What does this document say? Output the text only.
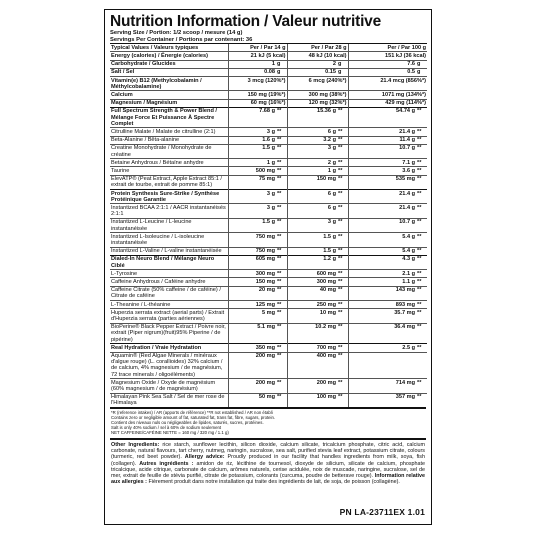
Nutrition Information / Valeur nutritive
Serving Size / Portion: 1/2 scoop / mesure (14 g)
Servings Per Container / Portions par contenant: 36
Typical Values / Valeurs typiques	Per / Par 14 g		Per / Par 28 g		Per / Par 100 g	
Energy (calories) / Énergie (calories)	21 kJ (5 kcal)		48 kJ (10 kcal)		151 kJ (36 kcal)	
Carbohydrate / Glucides	1	g	2	g	7.6	g
Salt / Sel	0.08	g	0.15	g	0.5	g
Vitamin(e) B12 (Methylcobalamin / Méthylcobalamine)	3 mcg (120%*)		6 mcg (240%*)		21.4 mcg (856%*)	
Calcium	150 mg (19%*)		300 mg (38%*)		1071 mg (134%*)	
Magnesium / Magnésium	60 mg (16%*)		120 mg (32%*)		429 mg (114%*)	
Full Spectrum Strength & Power Blend / Mélange Force Et Puissance À Spectre Complet	7.68 g	**	15.36 g	**	54.74 g	**
Citrulline Malate / Malate de citrulline (2:1)	3 g	**	6 g	**	21.4 g	**
Beta-Alanine / Bêta-alanine	1.6 g	**	3.2 g	**	11.4 g	**
Creatine Monohydrate / Monohydrate de créatine	1.5 g	**	3 g	**	10.7 g	**
Betaine Anhydrous / Bétaïne anhydre	1 g	**	2 g	**	7.1 g	**
Taurine	500 mg	**	1 g	**	3.6 g	**
ElevATP® (Peat Extract, Apple Extract 85:1 / extrait de tourbe, extrait de pomme 85:1)	75 mg	**	150 mg	**	535 mg	**
Protein Synthesis Sure-Strike / Synthèse Protéinique Garantie	3 g	**	6 g	**	21.4 g	**
Instantized BCAA 2:1:1 / AACR instantanéisés 2:1:1	3 g	**	6 g	**	21.4 g	**
Instantized L-Leucine / L-leucine instantanéisée	1.5 g	**	3 g	**	10.7 g	**
Instantized L-Isoleucine / L-isoleucine instantanéisée	750 mg	**	1.5 g	**	5.4 g	**
Instantized L-Valine / L-valine instantanéisée	750 mg	**	1.5 g	**	5.4 g	**
Dialed-In Neuro Blend / Mélange Neuro Ciblé	605 mg	**	1.2 g	**	4.3 g	**
L-Tyrosine	300 mg	**	600 mg	**	2.1 g	**
Caffeine Anhydrous / Caféine anhydre	150 mg	**	300 mg	**	1.1 g	**
Caffeine Citrate (50% caffeine / de caféine) / Citrate de caféine	20 mg	**	40 mg	**	143 mg	**
L-Theanine / L-théanine	125 mg	**	250 mg	**	893 mg	**
Huperzia serrata extract (aerial parts) / Extrait d'Huperzia serrata (parties aériennes)	5 mg	**	10 mg	**	35.7 mg	**
BioPerine® Black Pepper Extract / Poivre noir, extrait (Piper nigrum)(fruit)95% Piperine / de pipérine)	5.1 mg	**	10.2 mg	**	36.4 mg	**
Real Hydration / Vraie Hydratation	350 mg	**	700 mg	**	2.5 g	**
Aquamin® (Red Algae Minerals / minéraux d'algue rouge) (L. corallioides) 32% calcium / de calcium, 4% magnesium / de magnésium, 72 trace minerals / oligoéléments)	200 mg	**	400 mg	**		
Magnesium Oxide / Oxyde de magnésium (60% magnesium / de magnésium)	200 mg	**	200 mg	**	714 mg	**
Himalayan Pink Sea Salt / Sel de mer rose de l'Himalaya	50 mg	**	100 mg	**	357 mg	**
*R (reference intakes) / AR (apports de référence) **R not established / AR non établi
Contains zero or negligible amount of fat, saturated fat, trans fat, fibre, sugars, protein.
Contient des niveaux nuls ou négligeables de lipides, saturés, sucres, protéines.
Salt is only 40% sodium / sel à 60% de sodium seulement
NET CAFFEINE/CAFÉINE NETTE = 160 mg / 320 mg / 1.1 g)
Other Ingredients: rice starch, sunflower lecithin, silicon dioxide, calcium silicate, tricalcium phosphate, citric acid, calcium carbonate, natural flavours, tart cherry, nutmeg, naringin, sucralose, sea salt, purified stevia leaf extract, potassium citrate, colours (turmeric, red beet powder). Allergy advice: Proudly produced in our facility that handles ingredients from milk, soya, fish (collagen). Autres ingrédients : amidon de riz, lécithine de tournesol, dioxyde de silicium, silicate de calcium, phosphate tricalcique, acide citrique, carbonate de calcium, arômes naturels, cerise acidulée, noix de muscade, naringine, sucralose, sel de mer, extrait de feuille de stévia purifié, citrate de potassium, colorants (curcuma, poudre de betterave rouge). Information relative aux allergies : Fièrement produit dans notre installation qui traite des ingrédients de lait, de soja, de poisson (collagène).
PN LA-23711EX 1.01
